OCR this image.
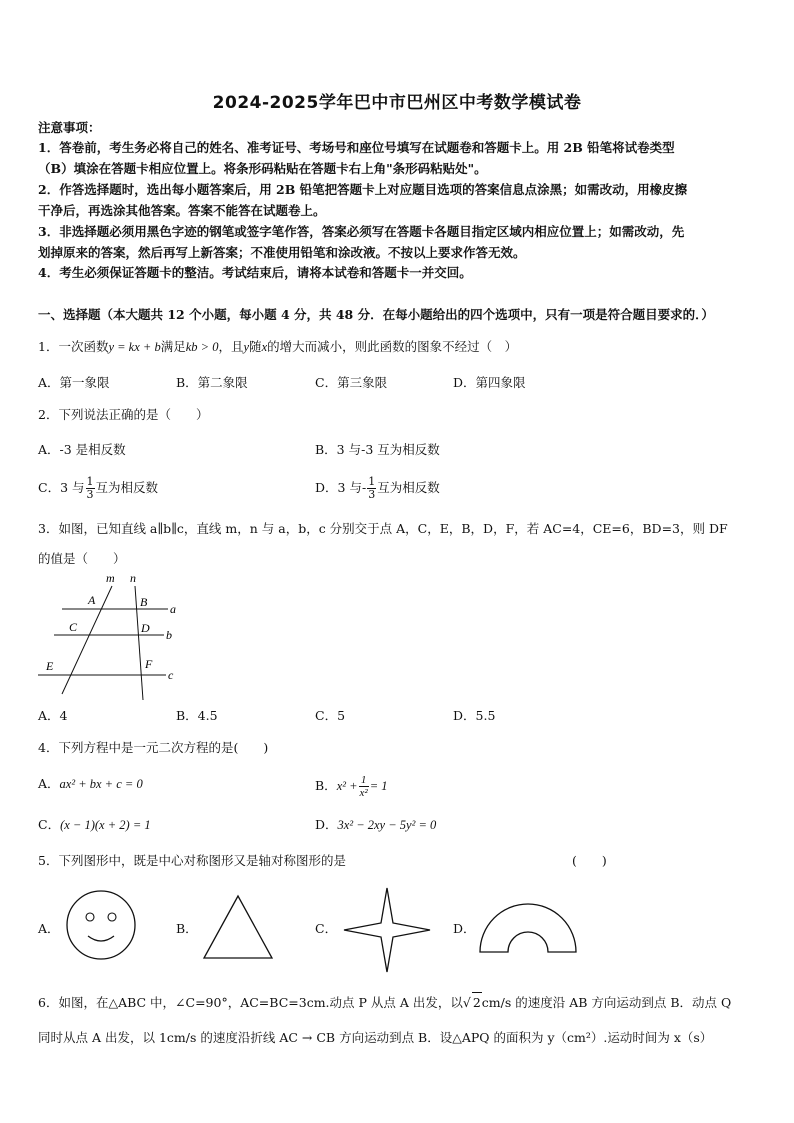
2024-2025学年巴中市巴州区中考数学模试卷
注意事项：
1．答卷前，考生务必将自己的姓名、准考证号、考场号和座位号填写在试题卷和答题卡上。用 2B 铅笔将试卷类型
（B）填涂在答题卡相应位置上。将条形码粘贴在答题卡右上角"条形码粘贴处"。
2．作答选择题时，选出每小题答案后，用 2B 铅笔把答题卡上对应题目选项的答案信息点涂黑；如需改动，用橡皮擦
干净后，再选涂其他答案。答案不能答在试题卷上。
3．非选择题必须用黑色字迹的钢笔或签字笔作答，答案必须写在答题卡各题目指定区域内相应位置上；如需改动，先
划掉原来的答案，然后再写上新答案；不准使用铅笔和涂改液。不按以上要求作答无效。
4．考生必须保证答题卡的整洁。考试结束后，请将本试卷和答题卡一并交回。
一、选择题（本大题共 12 个小题，每小题 4 分，共 48 分．在每小题给出的四个选项中，只有一项是符合题目要求的．）
1．一次函数y = kx + b满足kb > 0，且y随x的增大而减小，则此函数的图象不经过（　）
A．第一象限	B．第二象限	C．第三象限	D．第四象限
2．下列说法正确的是（　　）
A．-3 是相反数	B．3 与-3 互为相反数
C．3 与 $\frac{1}{3}$ 互为相反数	D．3 与- $\frac{1}{3}$ 互为相反数
3．如图，已知直线 a∥b∥c，直线 m，n 与 a，b，c 分别交于点 A，C，E，B，D，F，若 AC=4，CE=6，BD=3，则 DF
的值是（　　）
m n
A	B
C	D
E	F
a
b
c
A．4	B．4.5	C．5	D．5.5
4．下列方程中是一元二次方程的是(　　)
A．ax² + bx + c = 0	B．$x^2 + \frac{1}{\text{x²}} = 1$
C．(x − 1)(x + 2) = 1	D．3x² − 2xy − 5y² = 0
5．下列图形中，既是中心对称图形又是轴对称图形的是	(　　)
A．	B．	C．	D．
6．如图，在△ABC 中，∠C=90°，AC=BC=3cm.动点 P 从点 A 出发，以√ 2cm/s 的速度沿 AB 方向运动到点 B．动点 Q
同时从点 A 出发，以 1cm/s 的速度沿折线 AC → CB 方向运动到点 B．设△APQ 的面积为 y（cm²）.运动时间为 x（s）
